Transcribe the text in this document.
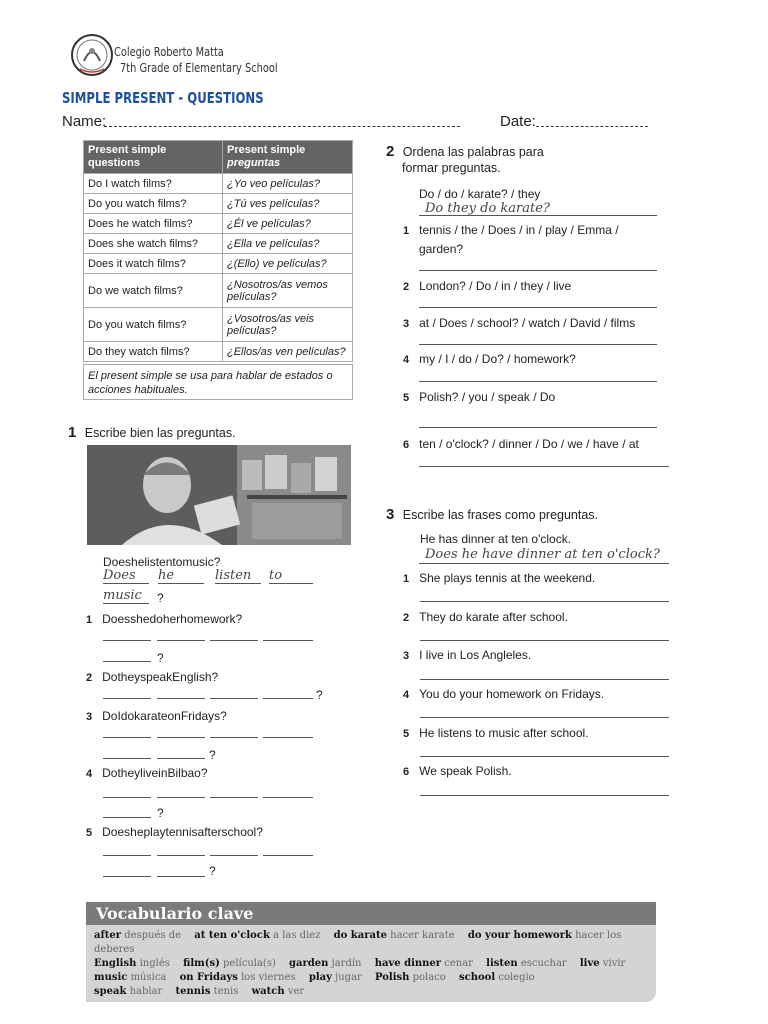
Colegio Roberto Matta
7th Grade of Elementary School
SIMPLE PRESENT - QUESTIONS
Name:	Date:
Present simple
questions	Present simple
preguntas

Do I watch films?	¿Yo veo películas?
Do you watch films?	¿Tú ves películas?
Does he watch films?	¿Él ve películas?
Does she watch films?	¿Ella ve películas?
Does it watch films?	¿(Ello) ve películas?
Do we watch films?	¿Nosotros/as vemos películas?
Do you watch films?	¿Vosotros/as veis películas?
Do they watch films?	¿Ellos/as ven películas?
El present simple se usa para hablar de estados o acciones habituales.
1 Escribe bien las preguntas.
Doeshelistentomusic?
Does	he	listen	to
music	?
1 Doesshedoherhomework?
?
2 DotheyspeakEnglish?
?
3 DoIdokarateonFridays?
?
4 DotheyliveinBilbao?
?
5 Doesheplaytennisafterschool?
?
2 Ordena las palabras para
formar preguntas.
Do / do / karate? / they
Do they do karate?
1 tennis / the / Does / in / play / Emma /
garden?
2 London? / Do / in / they / live
3 at / Does / school? / watch / David / films
4 my / I / do / Do? / homework?
5 Polish? / you / speak / Do
6 ten / o'clock? / dinner / Do / we / have / at
3 Escribe las frases como preguntas.
He has dinner at ten o'clock.
Does he have dinner at ten o'clock?
1 She plays tennis at the weekend.
2 They do karate after school.
3 I live in Los Angleles.
4 You do your homework on Fridays.
5 He listens to music after school.
6 We speak Polish.
Vocabulario clave
after después de at ten o'clock a las diez do karate hacer karate do your homework hacer los deberes
English inglés film(s) película(s) garden jardín have dinner cenar listen escuchar live vivir
music música on Fridays los viernes play jugar Polish polaco school colegio
speak hablar tennis tenis watch ver
